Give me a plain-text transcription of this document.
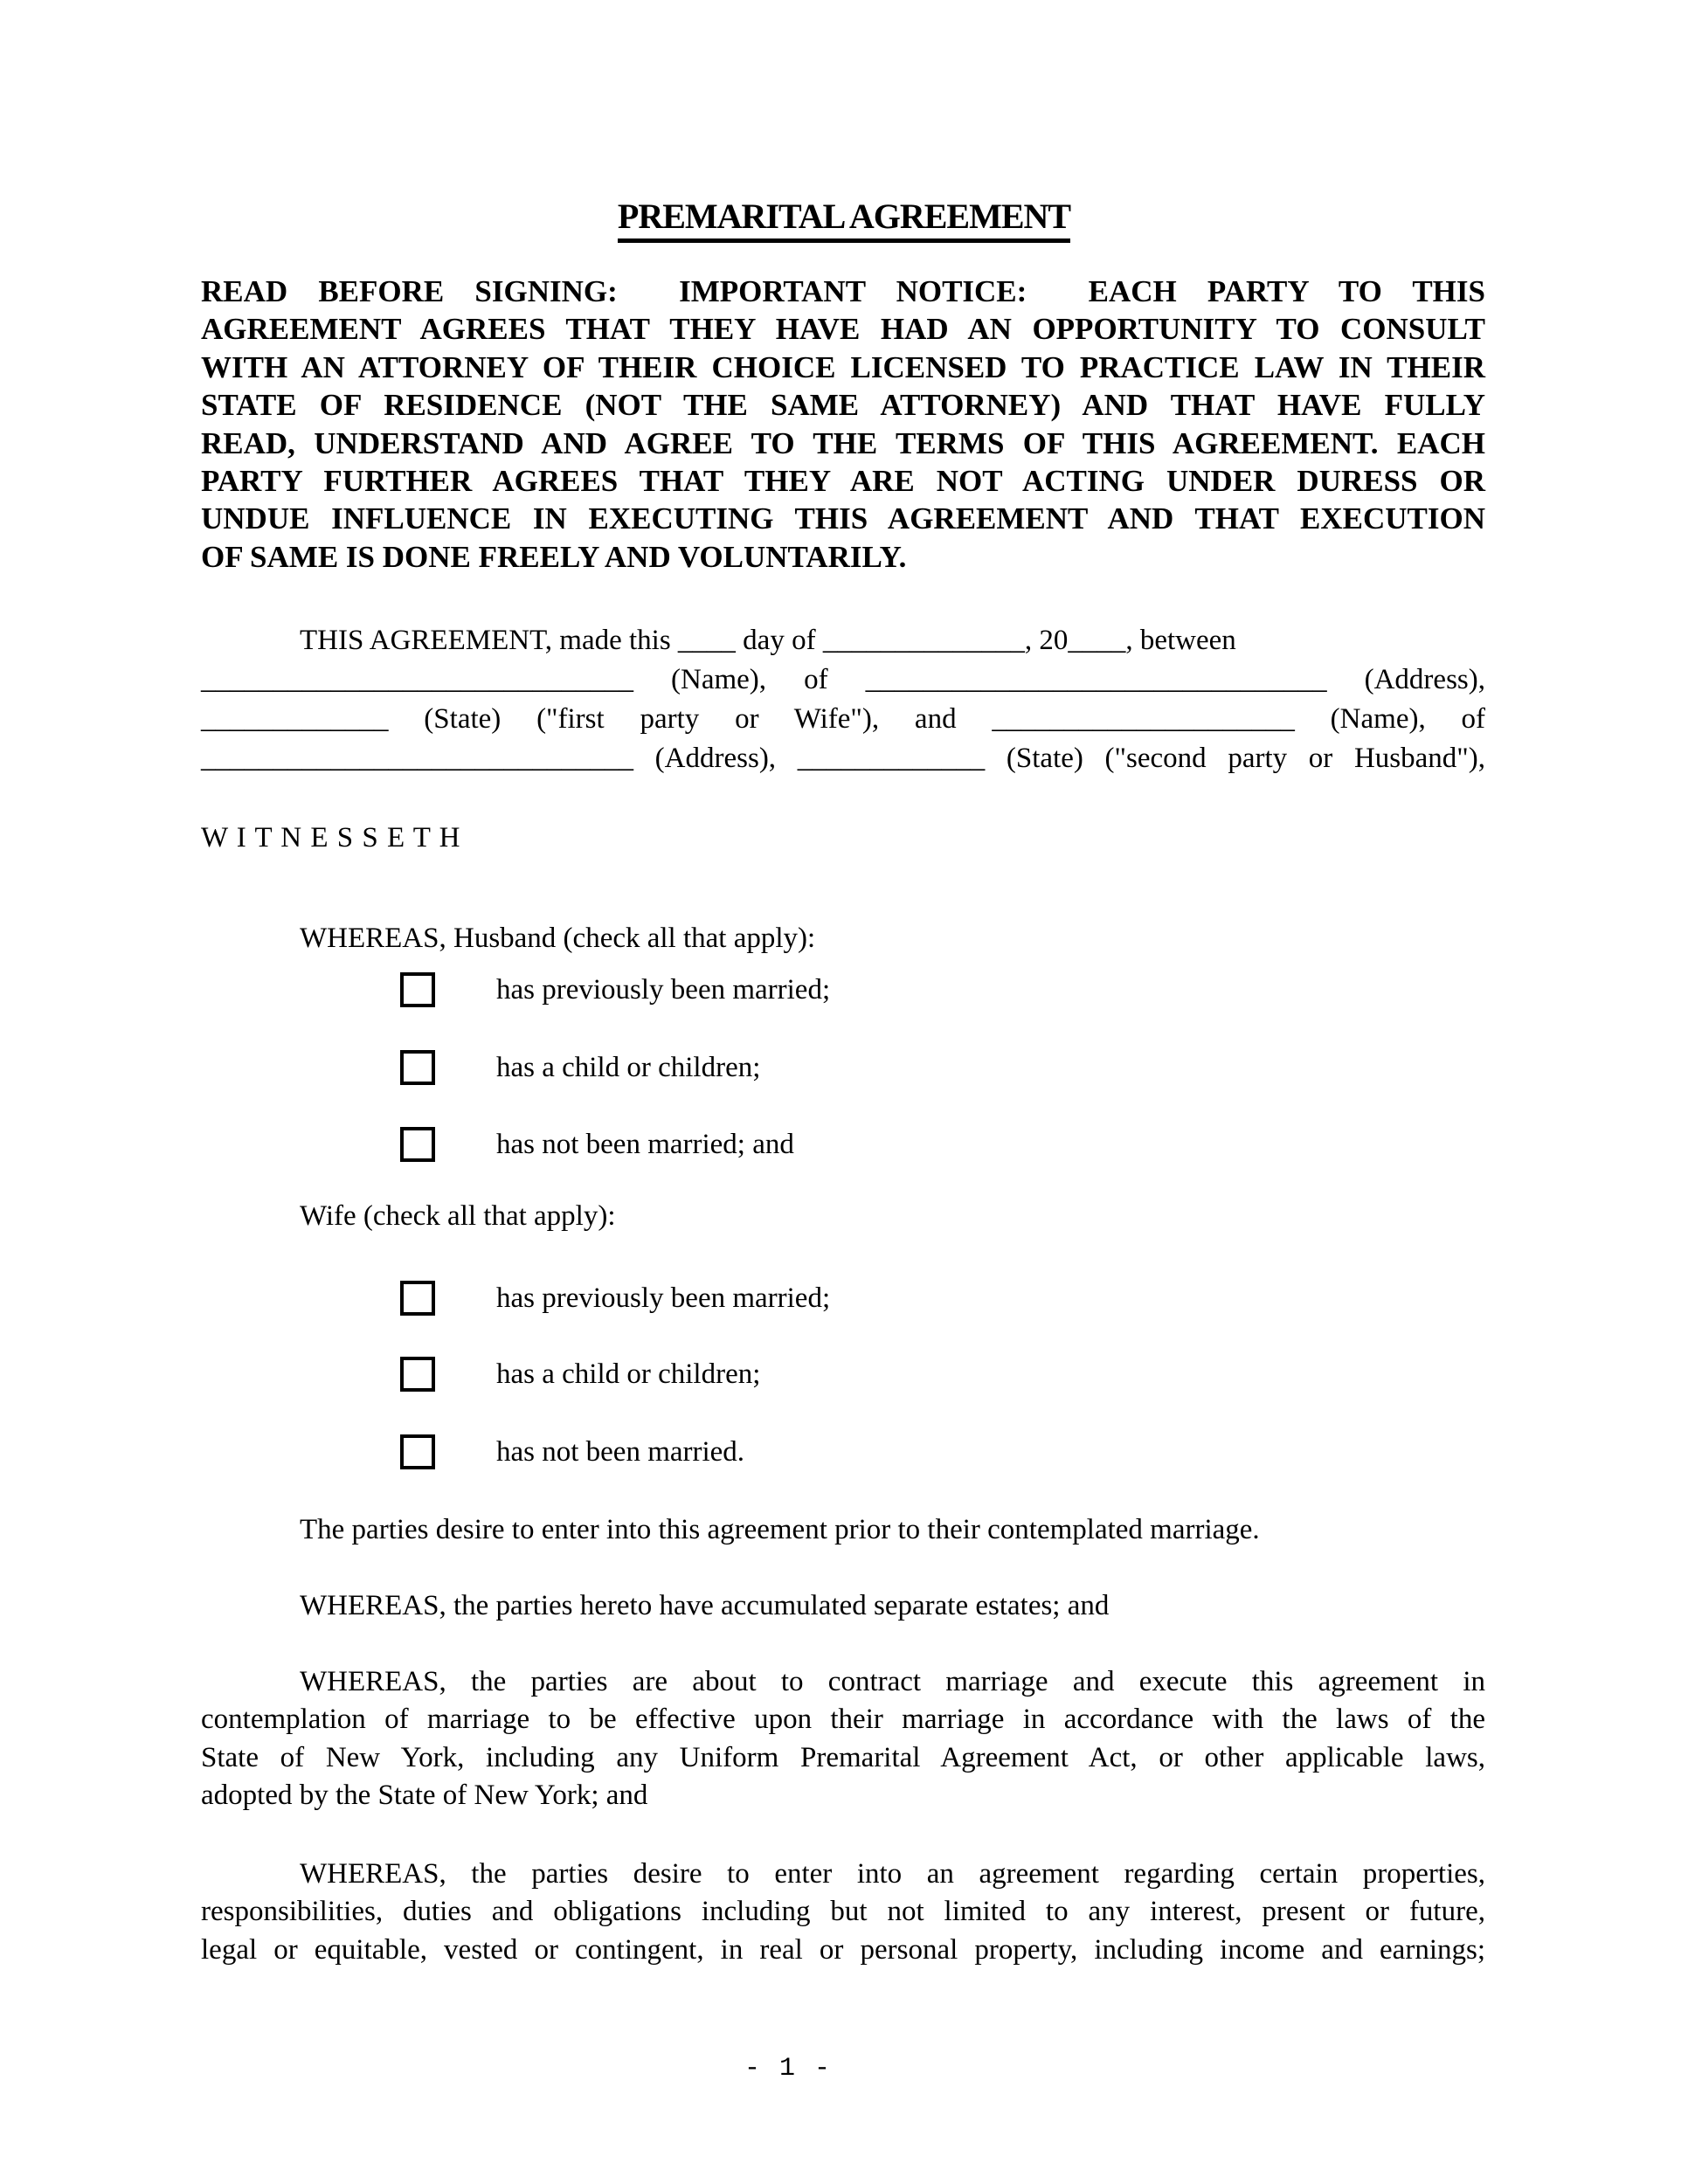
PREMARITAL AGREEMENT
READ BEFORE SIGNING:  IMPORTANT NOTICE:  EACH PARTY TO THIS
AGREEMENT AGREES THAT THEY HAVE HAD AN OPPORTUNITY TO CONSULT
WITH AN ATTORNEY OF THEIR CHOICE LICENSED TO PRACTICE LAW IN THEIR
STATE OF RESIDENCE (NOT THE SAME ATTORNEY) AND THAT HAVE FULLY
READ, UNDERSTAND AND AGREE TO THE TERMS OF THIS AGREEMENT. EACH
PARTY FURTHER AGREES THAT THEY ARE NOT ACTING UNDER DURESS OR
UNDUE INFLUENCE IN EXECUTING THIS AGREEMENT AND THAT EXECUTION
OF SAME IS DONE FREELY AND VOLUNTARILY.
THIS AGREEMENT, made this ____ day of ______________, 20____, between
______________________________ (Name), of ________________________________ (Address),
_____________ (State) ("first party or Wife"), and _____________________ (Name), of
______________________________ (Address), _____________ (State) ("second party or Husband"),
W I T N E S S E T H
WHEREAS, Husband (check all that apply):
has previously been married;
has a child or children;
has not been married; and
Wife (check all that apply):
has previously been married;
has a child or children;
has not been married.
The parties desire to enter into this agreement prior to their contemplated marriage.
WHEREAS, the parties hereto have accumulated separate estates; and
WHEREAS, the parties are about to contract marriage and execute this agreement in
contemplation of marriage to be effective upon their marriage in accordance with the laws of the
State of New York, including any Uniform Premarital Agreement Act, or other applicable laws,
adopted by the State of New York; and
WHEREAS, the parties desire to enter into an agreement regarding certain properties,
responsibilities, duties and obligations including but not limited to any interest, present or future,
legal or equitable, vested or contingent, in real or personal property, including income and earnings;
- 1 -
